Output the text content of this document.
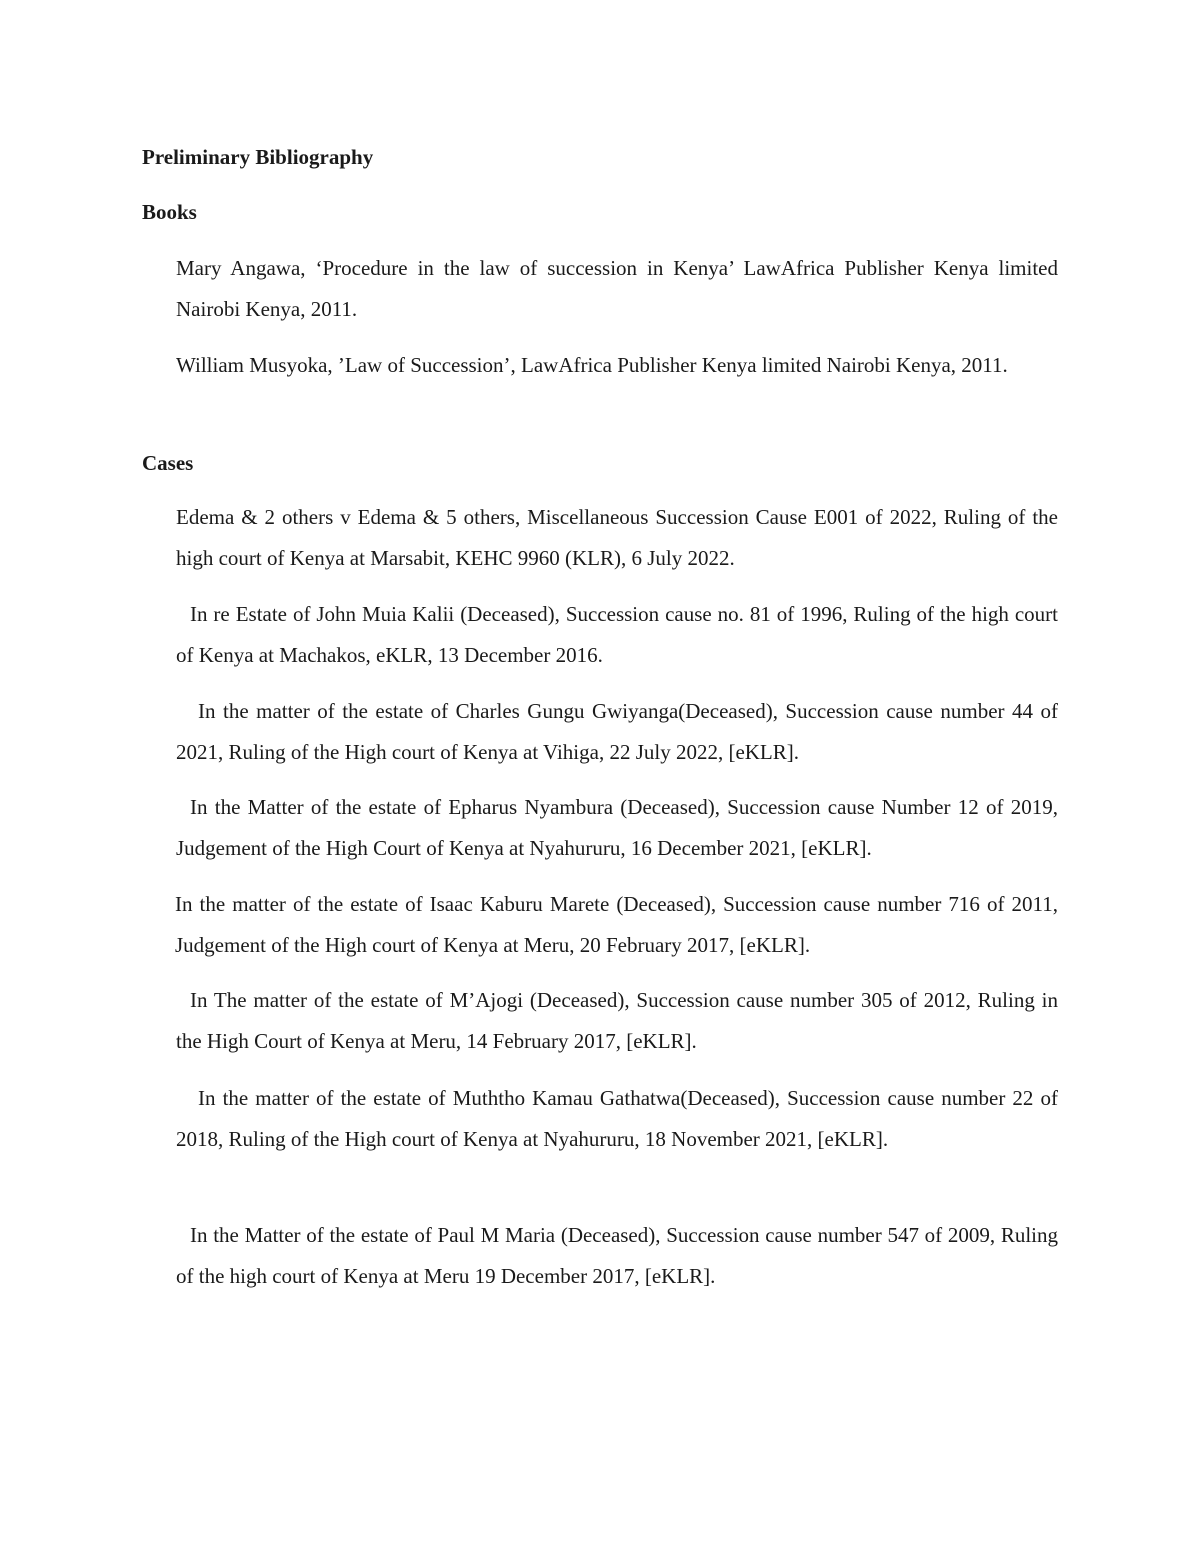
Preliminary Bibliography
Books

Mary Angawa, ‘Procedure in the law of succession in Kenya’ LawAfrica Publisher Kenya limited Nairobi Kenya, 2011.

William Musyoka, ’Law of Succession’, LawAfrica Publisher Kenya limited Nairobi Kenya, 2011.

Cases

Edema & 2 others v Edema & 5 others, Miscellaneous Succession Cause E001 of 2022, Ruling of the high court of Kenya at Marsabit, KEHC 9960 (KLR), 6 July 2022.

In re Estate of John Muia Kalii (Deceased), Succession cause no. 81 of 1996, Ruling of the high court of Kenya at Machakos, eKLR, 13 December 2016.

In the matter of the estate of Charles Gungu Gwiyanga(Deceased), Succession cause number 44 of 2021, Ruling of the High court of Kenya at Vihiga, 22 July 2022, [eKLR].

In the Matter of the estate of Epharus Nyambura (Deceased), Succession cause Number 12 of 2019, Judgement of the High Court of Kenya at Nyahururu, 16 December 2021, [eKLR].

In the matter of the estate of Isaac Kaburu Marete (Deceased), Succession cause number 716 of 2011, Judgement of the High court of Kenya at Meru, 20 February 2017, [eKLR].

In The matter of the estate of M’Ajogi (Deceased), Succession cause number 305 of 2012, Ruling in the High Court of Kenya at Meru, 14 February 2017, [eKLR].

In the matter of the estate of Muththo Kamau Gathatwa(Deceased), Succession cause number 22 of 2018, Ruling of the High court of Kenya at Nyahururu, 18 November 2021, [eKLR].

In the Matter of the estate of Paul M Maria (Deceased), Succession cause number 547 of 2009, Ruling of the high court of Kenya at Meru 19 December 2017, [eKLR].
